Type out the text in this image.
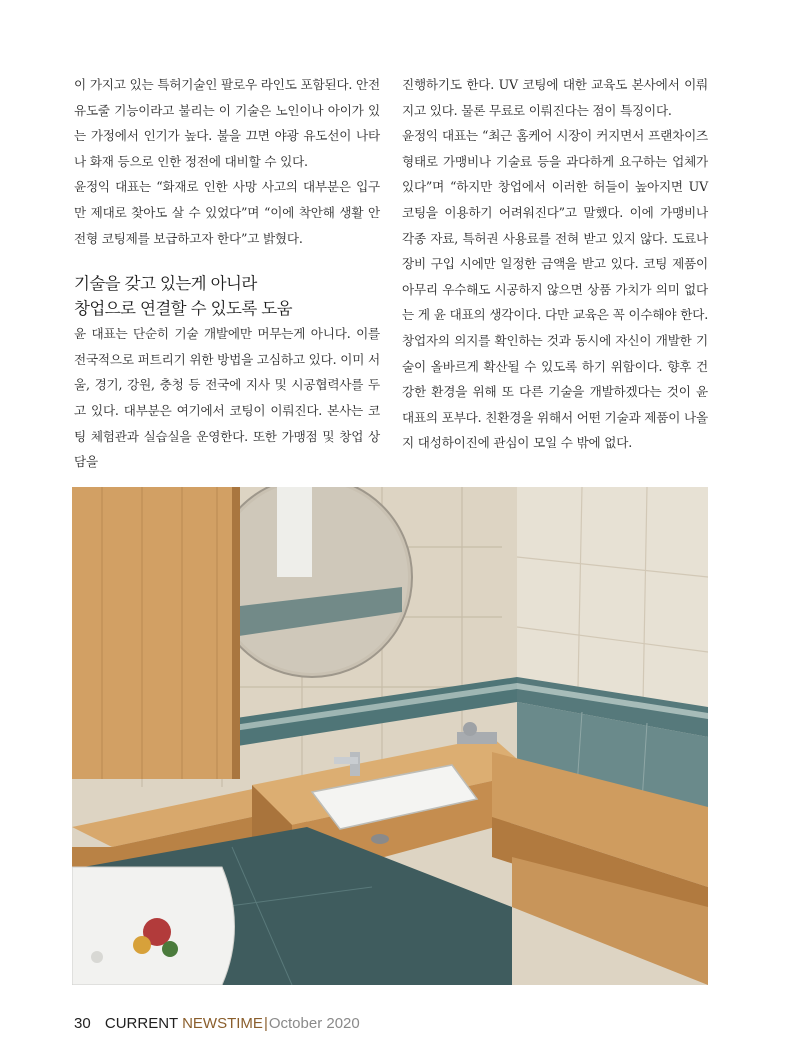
이 가지고 있는 특허기술인 팔로우 라인도 포함된다. 안전유도줄 기능이라고 불리는 이 기술은 노인이나 아이가 있는 가정에서 인기가 높다. 불을 끄면 야광 유도선이 나타나 화재 등으로 인한 정전에 대비할 수 있다.

윤정익 대표는 “화재로 인한 사망 사고의 대부분은 입구만 제대로 찾아도 살 수 있었다”며 “이에 착안해 생활 안전형 코팅제를 보급하고자 한다”고 밝혔다.

기술을 갖고 있는게 아니라
창업으로 연결할 수 있도록 도움

윤 대표는 단순히 기술 개발에만 머무는게 아니다. 이를 전국적으로 퍼트리기 위한 방법을 고심하고 있다. 이미 서울, 경기, 강원, 충청 등 전국에 지사 및 시공협력사를 두고 있다. 대부분은 여기에서 코팅이 이뤄진다. 본사는 코팅 체험관과 실습실을 운영한다. 또한 가맹점 및 창업 상담을

진행하기도 한다. UV 코팅에 대한 교육도 본사에서 이뤄지고 있다. 물론 무료로 이뤄진다는 점이 특징이다.

윤정익 대표는 “최근 홈케어 시장이 커지면서 프랜차이즈 형태로 가맹비나 기술료 등을 과다하게 요구하는 업체가 있다”며 “하지만 창업에서 이러한 허들이 높아지면 UV 코팅을 이용하기 어려워진다”고 말했다. 이에 가맹비나 각종 자료, 특허권 사용료를 전혀 받고 있지 않다. 도료나 장비 구입 시에만 일정한 금액을 받고 있다. 코팅 제품이 아무리 우수해도 시공하지 않으면 상품 가치가 의미 없다는 게 윤 대표의 생각이다. 다만 교육은 꼭 이수해야 한다. 창업자의 의지를 확인하는 것과 동시에 자신이 개발한 기술이 올바르게 확산될 수 있도록 하기 위함이다. 향후 건강한 환경을 위해 또 다른 기술을 개발하겠다는 것이 윤 대표의 포부다. 친환경을 위해서 어떤 기술과 제품이 나올지 대성하이진에 관심이 모일 수 밖에 없다.

30 CURRENT NEWSTIME|October 2020
